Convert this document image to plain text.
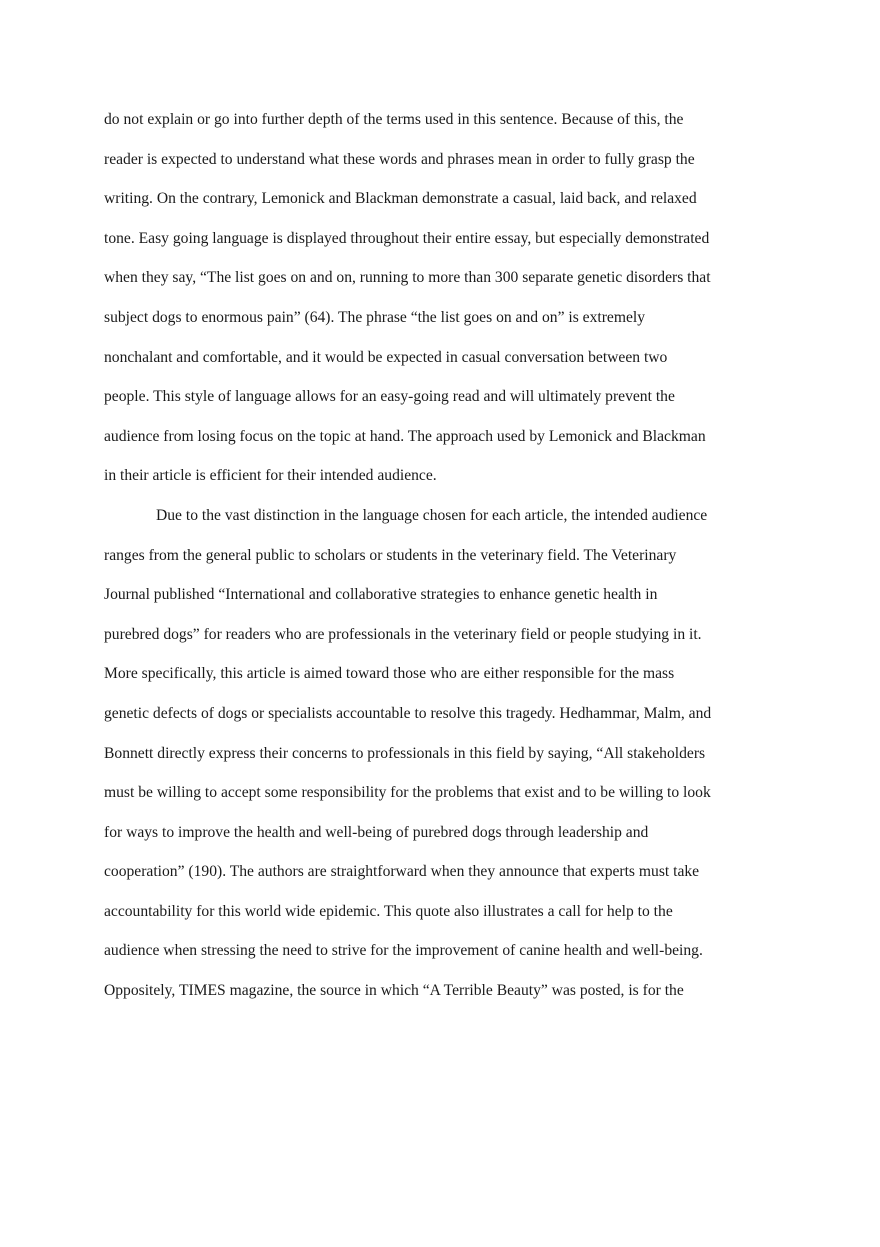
do not explain or go into further depth of the terms used in this sentence. Because of this, the
reader is expected to understand what these words and phrases mean in order to fully grasp the
writing. On the contrary, Lemonick and Blackman demonstrate a casual, laid back, and relaxed
tone. Easy going language is displayed throughout their entire essay, but especially demonstrated
when they say, “The list goes on and on, running to more than 300 separate genetic disorders that
subject dogs to enormous pain” (64). The phrase “the list goes on and on” is extremely
nonchalant and comfortable, and it would be expected in casual conversation between two
people. This style of language allows for an easy-going read and will ultimately prevent the
audience from losing focus on the topic at hand. The approach used by Lemonick and Blackman
in their article is efficient for their intended audience.
Due to the vast distinction in the language chosen for each article, the intended audience
ranges from the general public to scholars or students in the veterinary field. The Veterinary
Journal published “International and collaborative strategies to enhance genetic health in
purebred dogs” for readers who are professionals in the veterinary field or people studying in it.
More specifically, this article is aimed toward those who are either responsible for the mass
genetic defects of dogs or specialists accountable to resolve this tragedy. Hedhammar, Malm, and
Bonnett directly express their concerns to professionals in this field by saying, “All stakeholders
must be willing to accept some responsibility for the problems that exist and to be willing to look
for ways to improve the health and well-being of purebred dogs through leadership and
cooperation” (190). The authors are straightforward when they announce that experts must take
accountability for this world wide epidemic. This quote also illustrates a call for help to the
audience when stressing the need to strive for the improvement of canine health and well-being.
Oppositely, TIMES magazine, the source in which “A Terrible Beauty” was posted, is for the
